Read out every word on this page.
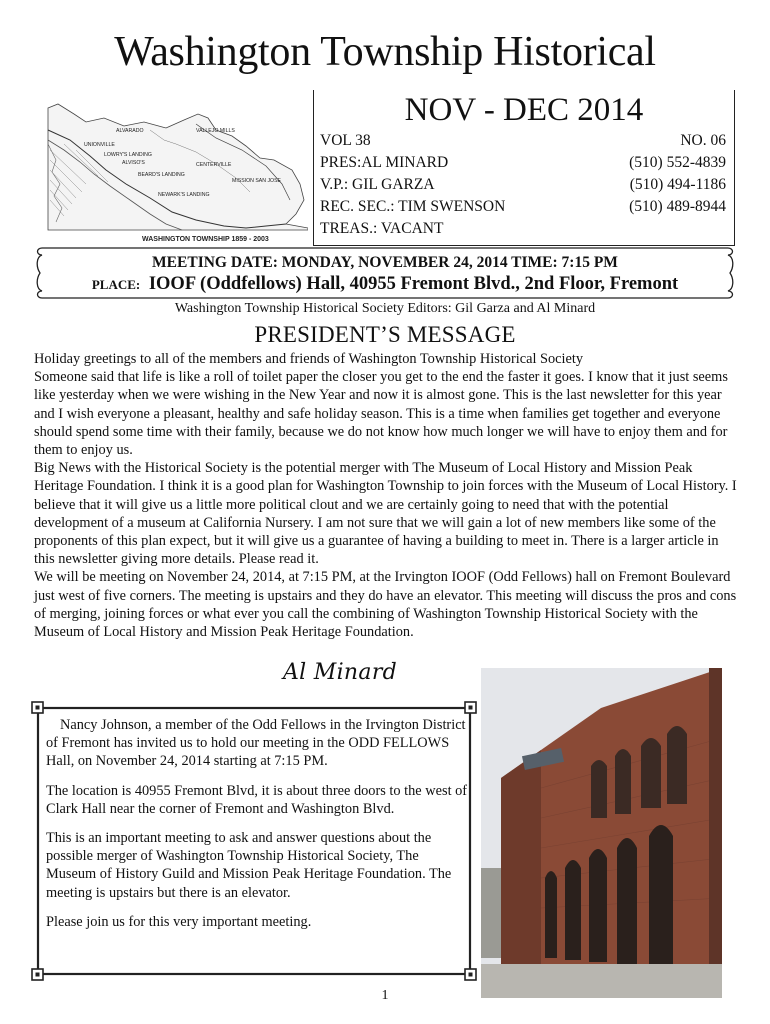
Washington Township Historical
ALVARADO	VALLEJO MILLS
UNIONVILLE
LOWRY'S LANDING
ALVISO'S	CENTERVILLE
BEARD'S LANDING
MISSION SAN JOSE
NEWARK'S LANDING
WASHINGTON TOWNSHIP 1859 - 2003
NOV - DEC 2014
VOL 38	NO. 06
PRES:AL MINARD	(510) 552-4839
V.P.: GIL GARZA	(510) 494-1186
REC. SEC.: TIM SWENSON	(510) 489-8944
TREAS.: VACANT
MEETING DATE: MONDAY, NOVEMBER 24, 2014 TIME: 7:15 PM
PLACE: IOOF (Oddfellows) Hall, 40955 Fremont Blvd., 2nd Floor, Fremont
Washington Township Historical Society Editors: Gil Garza and Al Minard
PRESIDENT’S MESSAGE

Holiday greetings to all of the members and friends of Washington Township Historical Society

Someone said that life is like a roll of toilet paper the closer you get to the end the faster it goes. I know that it just seems like yesterday when we were wishing in the New Year and now it is almost gone. This is the last newsletter for this year and I wish everyone a pleasant, healthy and safe holiday season. This is a time when families get together and everyone should spend some time with their family, because we do not know how much longer we will have to enjoy them and for them to enjoy us.

Big News with the Historical Society is the potential merger with The Museum of Local History and Mission Peak Heritage Foundation. I think it is a good plan for Washington Township to join forces with the Museum of Local History. I believe that it will give us a little more political clout and we are certainly going to need that with the potential development of a museum at California Nursery. I am not sure that we will gain a lot of new members like some of the proponents of this plan expect, but it will give us a guarantee of having a building to meet in. There is a larger article in this newsletter giving more details. Please read it.

We will be meeting on November 24, 2014, at 7:15 PM, at the Irvington IOOF (Odd Fellows) hall on Fremont Boulevard just west of five corners. The meeting is upstairs and they do have an elevator. This meeting will discuss the pros and cons of merging, joining forces or what ever you call the combining of Washington Township Historical Society with the Museum of Local History and Mission Peak Heritage Foundation.

Al Minard

Nancy Johnson, a member of the Odd Fellows in the Irvington District of Fremont has invited us to hold our meeting in the ODD FELLOWS Hall, on November 24, 2014 starting at 7:15 PM.

The location is 40955 Fremont Blvd, it is about three doors to the west of Clark Hall near the corner of Fremont and Washington Blvd.

This is an important meeting to ask and answer questions about the possible merger of Washington Township Historical Society, The Museum of History Guild and Mission Peak Heritage Foundation. The meeting is upstairs but there is an elevator.

Please join us for this very important meeting.

1
